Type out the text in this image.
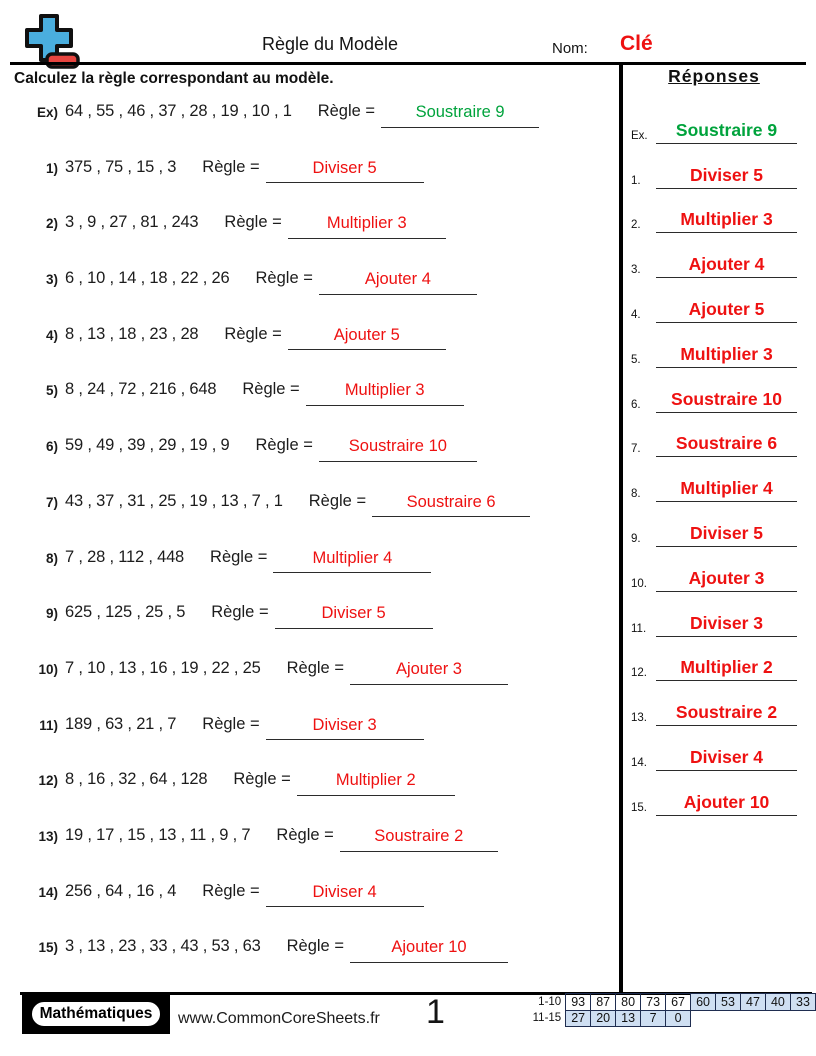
Règle du Modèle	Nom: Clé
Calculez la règle correspondant au modèle.
Ex) 64 , 55 , 46 , 37 , 28 , 19 , 10 , 1 Règle =	Soustraire 9
1) 375 , 75 , 15 , 3 Règle =	Diviser 5
2) 3 , 9 , 27 , 81 , 243 Règle =	Multiplier 3
3) 6 , 10 , 14 , 18 , 22 , 26 Règle =	Ajouter 4
4) 8 , 13 , 18 , 23 , 28 Règle =	Ajouter 5
5) 8 , 24 , 72 , 216 , 648 Règle =	Multiplier 3
6) 59 , 49 , 39 , 29 , 19 , 9 Règle =	Soustraire 10
7) 43 , 37 , 31 , 25 , 19 , 13 , 7 , 1 Règle =	Soustraire 6
8) 7 , 28 , 112 , 448 Règle =	Multiplier 4
9) 625 , 125 , 25 , 5 Règle =	Diviser 5
10) 7 , 10 , 13 , 16 , 19 , 22 , 25 Règle =	Ajouter 3
11) 189 , 63 , 21 , 7 Règle =	Diviser 3
12) 8 , 16 , 32 , 64 , 128 Règle =	Multiplier 2
13) 19 , 17 , 15 , 13 , 11 , 9 , 7 Règle =	Soustraire 2
14) 256 , 64 , 16 , 4 Règle =	Diviser 4
15) 3 , 13 , 23 , 33 , 43 , 53 , 63 Règle =	Ajouter 10
Réponses
Ex.	Soustraire 9
1.	Diviser 5
2.	Multiplier 3
3.	Ajouter 4
4.	Ajouter 5
5.	Multiplier 3
6.	Soustraire 10
7.	Soustraire 6
8.	Multiplier 4
9.	Diviser 5
10.	Ajouter 3
11.	Diviser 3
12.	Multiplier 2
13.	Soustraire 2
14.	Diviser 4
15.	Ajouter 10
Mathématiques	www.CommonCoreSheets.fr 1	1-10	93	87	80	73	67	60	53	47	40	33
11-15	27	20	13	7	0					
